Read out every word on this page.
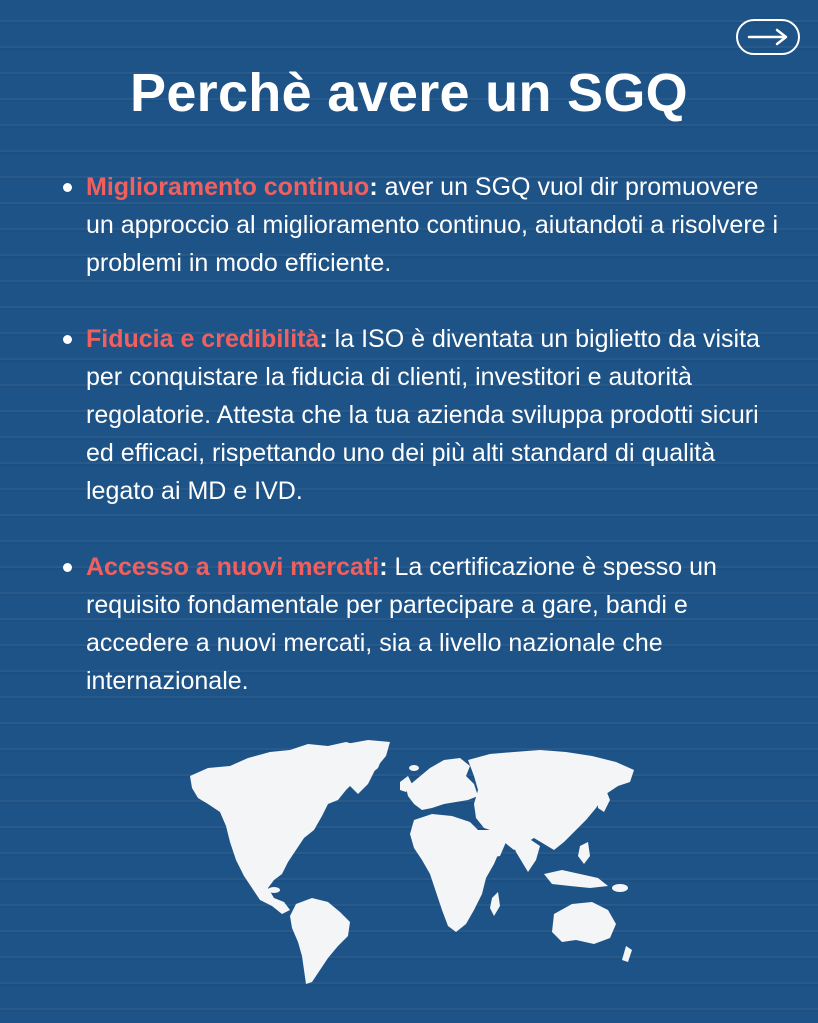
Perchè avere un SGQ
Miglioramento continuo: aver un SGQ vuol dir promuovere un approccio al miglioramento continuo, aiutandoti a risolvere i problemi in modo efficiente.
Fiducia e credibilità: la ISO è diventata un biglietto da visita per conquistare la fiducia di clienti, investitori e autorità regolatorie. Attesta che la tua azienda sviluppa prodotti sicuri ed efficaci, rispettando uno dei più alti standard di qualità legato ai MD e IVD.
Accesso a nuovi mercati: La certificazione è spesso un requisito fondamentale per partecipare a gare, bandi e accedere a nuovi mercati, sia a livello nazionale che internazionale.
